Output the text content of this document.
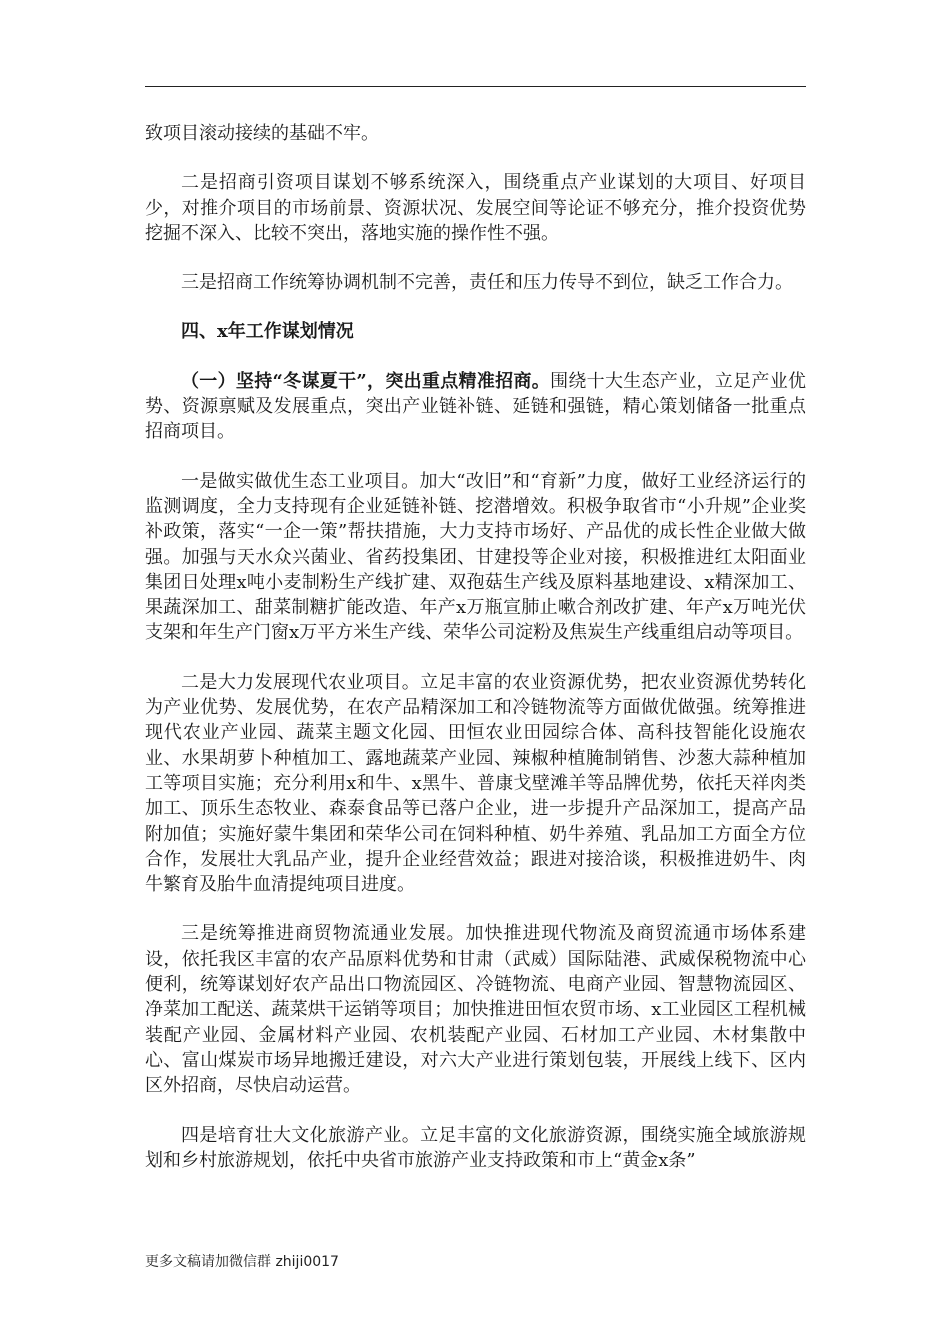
致项目滚动接续的基础不牢。

二是招商引资项目谋划不够系统深入，围绕重点产业谋划的大项目、好项目少，对推介项目的市场前景、资源状况、发展空间等论证不够充分，推介投资优势挖掘不深入、比较不突出，落地实施的操作性不强。

三是招商工作统筹协调机制不完善，责任和压力传导不到位，缺乏工作合力。

四、x年工作谋划情况

（一）坚持“冬谋夏干”，突出重点精准招商。围绕十大生态产业，立足产业优势、资源禀赋及发展重点，突出产业链补链、延链和强链，精心策划储备一批重点招商项目。

一是做实做优生态工业项目。加大“改旧”和“育新”力度，做好工业经济运行的监测调度，全力支持现有企业延链补链、挖潜增效。积极争取省市“小升规”企业奖补政策，落实“一企一策”帮扶措施，大力支持市场好、产品优的成长性企业做大做强。加强与天水众兴菌业、省药投集团、甘建投等企业对接，积极推进红太阳面业集团日处理x吨小麦制粉生产线扩建、双孢菇生产线及原料基地建设、x精深加工、果蔬深加工、甜菜制糖扩能改造、年产x万瓶宣肺止嗽合剂改扩建、年产x万吨光伏支架和年生产门窗x万平方米生产线、荣华公司淀粉及焦炭生产线重组启动等项目。

二是大力发展现代农业项目。立足丰富的农业资源优势，把农业资源优势转化为产业优势、发展优势，在农产品精深加工和冷链物流等方面做优做强。统筹推进现代农业产业园、蔬菜主题文化园、田恒农业田园综合体、高科技智能化设施农业、水果胡萝卜种植加工、露地蔬菜产业园、辣椒种植腌制销售、沙葱大蒜种植加工等项目实施；充分利用x和牛、x黑牛、普康戈壁滩羊等品牌优势，依托天祥肉类加工、顶乐生态牧业、森泰食品等已落户企业，进一步提升产品深加工，提高产品附加值；实施好蒙牛集团和荣华公司在饲料种植、奶牛养殖、乳品加工方面全方位合作，发展壮大乳品产业，提升企业经营效益；跟进对接洽谈，积极推进奶牛、肉牛繁育及胎牛血清提纯项目进度。

三是统筹推进商贸物流通业发展。加快推进现代物流及商贸流通市场体系建设，依托我区丰富的农产品原料优势和甘肃（武威）国际陆港、武威保税物流中心便利，统筹谋划好农产品出口物流园区、冷链物流、电商产业园、智慧物流园区、净菜加工配送、蔬菜烘干运销等项目；加快推进田恒农贸市场、x工业园区工程机械装配产业园、金属材料产业园、农机装配产业园、石材加工产业园、木材集散中心、富山煤炭市场异地搬迁建设，对六大产业进行策划包装，开展线上线下、区内区外招商，尽快启动运营。

四是培育壮大文化旅游产业。立足丰富的文化旅游资源，围绕实施全域旅游规划和乡村旅游规划，依托中央省市旅游产业支持政策和市上“黄金x条”

更多文稿请加微信群 zhiji0017
